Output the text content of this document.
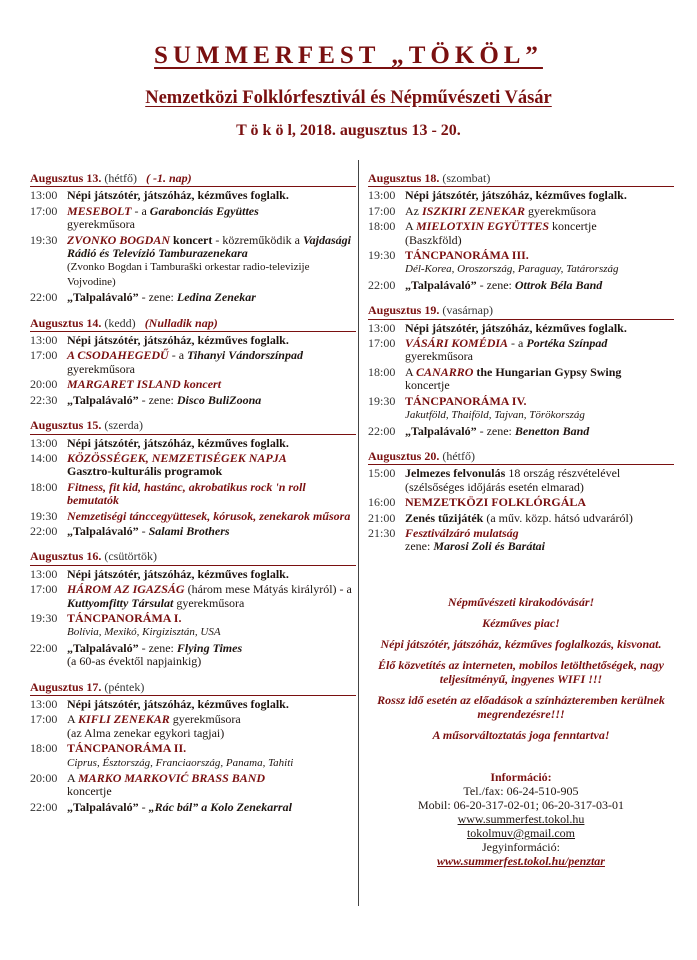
SUMMERFEST „TÖKÖL”
Nemzetközi Folklórfesztivál és Népművészeti Vásár
T ö k ö l, 2018. augusztus 13 - 20.
Augusztus 13. (hétfő) ( -1. nap)
13:00 Népi játszótér, játszóház, kézműves foglalk.
17:00 MESEBOLT - a Garabonciás Együttes
gyerekműsora
19:30 ZVONKO BOGDAN koncert - közreműködik a Vajdasági Rádió és Televízió Tamburazenekara
(Zvonko Bogdan i Tamburaški orkestar radio-televizije Vojvodine)
22:00 „Talpalávaló” - zene: Ledina Zenekar
Augusztus 14. (kedd) (Nulladik nap)
13:00 Népi játszótér, játszóház, kézműves foglalk.
17:00 A CSODAHEGEDŰ - a Tihanyi Vándorszínpad
gyerekműsora
20:00 MARGARET ISLAND koncert
22:30 „Talpalávaló” - zene: Disco BuliZoona
Augusztus 15. (szerda)
13:00 Népi játszótér, játszóház, kézműves foglalk.
14:00 KÖZÖSSÉGEK, NEMZETISÉGEK NAPJA
Gasztro-kulturális programok
18:00 Fitness, fit kid, hastánc, akrobatikus rock 'n roll bemutatók
19:30 Nemzetiségi tánccegyüttesek, kórusok, zenekarok műsora
22:00 „Talpalávaló” - Salami Brothers
Augusztus 16. (csütörtök)
13:00 Népi játszótér, játszóház, kézműves foglalk.
17:00 HÁROM AZ IGAZSÁG (három mese Mátyás királyról) - a Kuttyomfitty Társulat gyerekműsora
19:30 TÁNCPANORÁMA I.
Bolívia, Mexikó, Kirgizisztán, USA
22:00 „Talpalávaló” - zene: Flying Times
(a 60-as évektől napjainkig)
Augusztus 17. (péntek)
13:00 Népi játszótér, játszóház, kézműves foglalk.
17:00 A KIFLI ZENEKAR gyerekműsora
(az Alma zenekar egykori tagjai)
18:00 TÁNCPANORÁMA II.
Ciprus, Észtország, Franciaország, Panama, Tahiti
20:00 A MARKO MARKOVIĆ BRASS BAND
koncertje
22:00 „Talpalávaló” - „Rác bál” a Kolo Zenekarral
Augusztus 18. (szombat)
13:00 Népi játszótér, játszóház, kézműves foglalk.
17:00 Az ISZKIRI ZENEKAR gyerekműsora
18:00 A MIELOTXIN EGYÜTTES koncertje
(Baszkföld)
19:30 TÁNCPANORÁMA III.
Dél-Korea, Oroszország, Paraguay, Tatárország
22:00 „Talpalávaló” - zene: Ottrok Béla Band
Augusztus 19. (vasárnap)
13:00 Népi játszótér, játszóház, kézműves foglalk.
17:00 VÁSÁRI KOMÉDIA - a Portéka Színpad
gyerekműsora
18:00 A CANARRO the Hungarian Gypsy Swing
koncertje
19:30 TÁNCPANORÁMA IV.
Jakutföld, Thaiföld, Tajvan, Törökország
22:00 „Talpalávaló” - zene: Benetton Band
Augusztus 20. (hétfő)
15:00 Jelmezes felvonulás 18 ország részvételével
(szélsőséges időjárás esetén elmarad)
16:00 NEMZETKÖZI FOLKLÓRGÁLA
21:00 Zenés tűzijáték (a műv. közp. hátsó udvaráról)
21:30 Fesztiválzáró mulatság
zene: Marosi Zoli és Barátai

Népművészeti kirakodóvásár!

Kézműves piac!

Népi játszótér, játszóház, kézműves foglalkozás, kisvonat.

Élő közvetítés az interneten, mobilos letölthetőségek, nagy teljesítményű, ingyenes WIFI !!!

Rossz idő esetén az előadások a színházteremben kerülnek megrendezésre!!!

A műsorváltoztatás joga fenntartva!

Információ:
Tel./fax: 06-24-510-905
Mobil: 06-20-317-02-01; 06-20-317-03-01
www.summerfest.tokol.hu
tokolmuv@gmail.com
Jegyinformáció:
www.summerfest.tokol.hu/penztar
